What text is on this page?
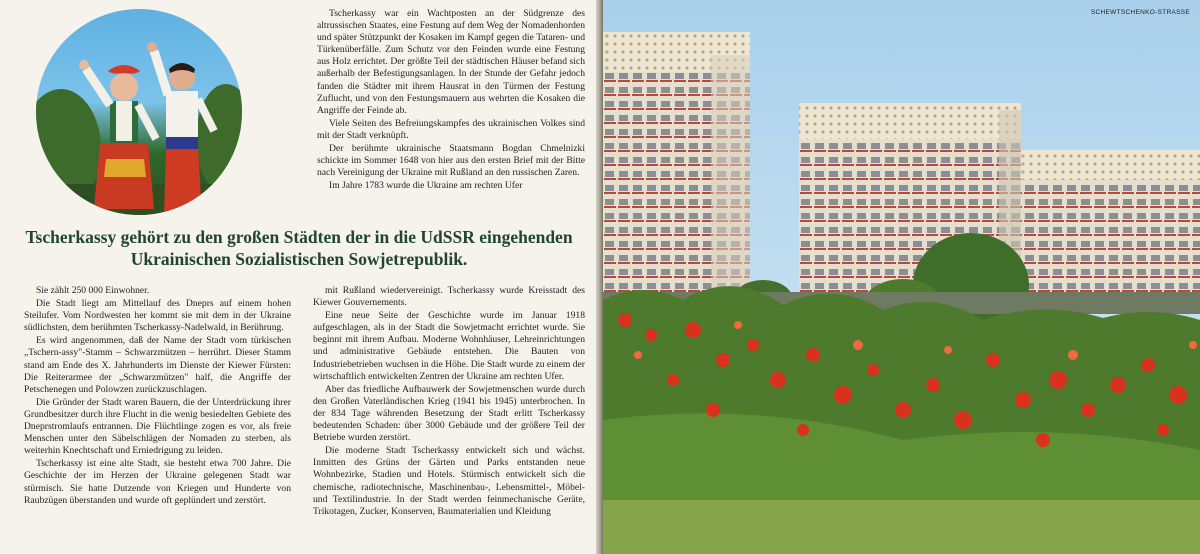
Tscherkassy war ein Wachtposten an der Südgrenze des altrussischen Staates, eine Festung auf dem Weg der Nomadenhorden und später Stützpunkt der Kosaken im Kampf gegen die Tataren- und Türkenüberfälle. Zum Schutz vor den Feinden wurde eine Festung aus Holz errichtet. Der größte Teil der städtischen Häuser befand sich außerhalb der Befestigungsanlagen. In der Stunde der Gefahr jedoch fanden die Städter mit ihrem Hausrat in den Türmen der Festung Zuflucht, und von den Festungsmauern aus wehrten die Kosaken die Angriffe der Feinde ab.

Viele Seiten des Befreiungskampfes des ukrainischen Volkes sind mit der Stadt verknüpft.

Der berühmte ukrainische Staatsmann Bogdan Chmelnizki schickte im Sommer 1648 von hier aus den ersten Brief mit der Bitte nach Vereinigung der Ukraine mit Rußland an den russischen Zaren.

Im Jahre 1783 wurde die Ukraine am rechten Ufer

Tscherkassy gehört zu den großen Städten der in die UdSSR eingehenden Ukrainischen Sozialistischen Sowjetrepublik.

Sie zählt 250 000 Einwohner.

Die Stadt liegt am Mittellauf des Dneprs auf einem hohen Steilufer. Vom Nordwesten her kommt sie mit dem in der Ukraine südlichsten, dem berühmten Tscherkassy-Nadelwald, in Berührung.

Es wird angenommen, daß der Name der Stadt vom türkischen „Tschern-assy"-Stamm – Schwarzmützen – herrührt. Dieser Stamm stand am Ende des X. Jahrhunderts im Dienste der Kiewer Fürsten: Die Reiterarmee der „Schwarzmützen" half, die Angriffe der Petschenegen und Polowzen zurückzuschlagen.

Die Gründer der Stadt waren Bauern, die der Unterdrückung ihrer Grundbesitzer durch ihre Flucht in die wenig besiedelten Gebiete des Dneprstromlaufs entrannen. Die Flüchtlinge zogen es vor, als freie Menschen unter den Säbelschlägen der Nomaden zu sterben, als weiterhin Knechtschaft und Erniedrigung zu leiden.

Tscherkassy ist eine alte Stadt, sie besteht etwa 700 Jahre. Die Geschichte der im Herzen der Ukraine gelegenen Stadt war stürmisch. Sie hatte Dutzende von Kriegen und Hunderte von Raubzügen überstanden und wurde oft geplündert und zerstört.

mit Rußland wiedervereinigt. Tscherkassy wurde Kreisstadt des Kiewer Gouvernements.

Eine neue Seite der Geschichte wurde im Januar 1918 aufgeschlagen, als in der Stadt die Sowjetmacht errichtet wurde. Sie beginnt mit ihrem Aufbau. Moderne Wohnhäuser, Lehreinrichtungen und administrative Gebäude entstehen. Die Bauten von Industriebetrieben wuchsen in die Höhe. Die Stadt wurde zu einem der wirtschaftlich entwickelten Zentren der Ukraine am rechten Ufer.

Aber das friedliche Aufbauwerk der Sowjetmenschen wurde durch den Großen Vaterländischen Krieg (1941 bis 1945) unterbrochen. In der 834 Tage währenden Besetzung der Stadt erlitt Tscherkassy bedeutenden Schaden: über 3000 Gebäude und der größere Teil der Betriebe wurden zerstört.

Die moderne Stadt Tscherkassy entwickelt sich und wächst. Inmitten des Grüns der Gärten und Parks entstanden neue Wohnbezirke, Stadien und Hotels. Stürmisch entwickelt sich die chemische, radiotechnische, Maschinenbau-, Lebensmittel-, Möbel- und Textilindustrie. In der Stadt werden feinmechanische Geräte, Trikotagen, Zucker, Konserven, Baumaterialien und Kleidung

SCHEWTSCHENKO-STRASSE
